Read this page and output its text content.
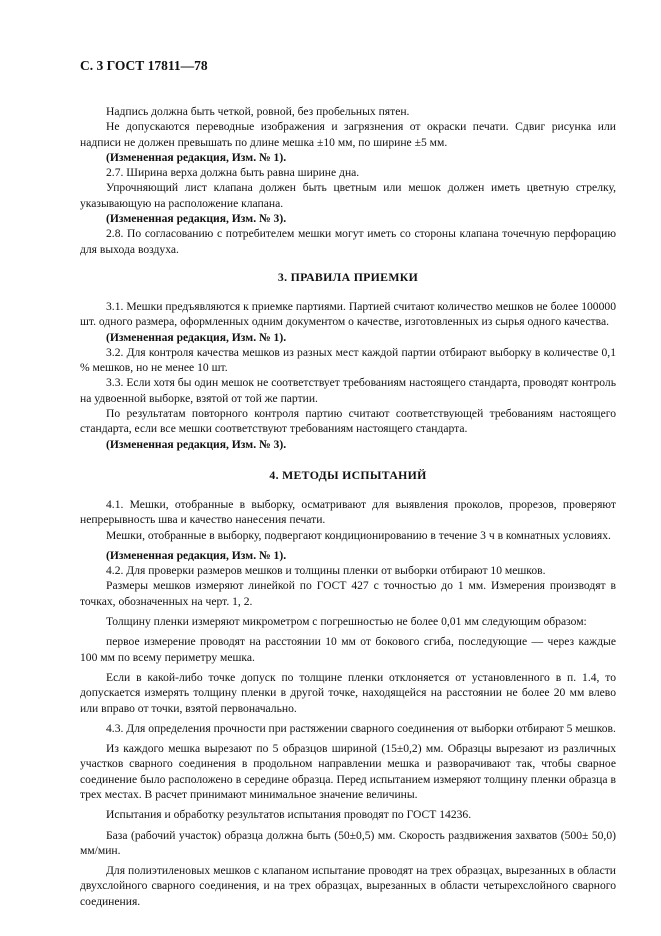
С. 3 ГОСТ 17811—78

Надпись должна быть четкой, ровной, без пробельных пятен.

Не допускаются переводные изображения и загрязнения от окраски печати. Сдвиг рисунка или надписи не должен превышать по длине мешка ±10 мм, по ширине ±5 мм.

(Измененная редакция, Изм. № 1).

2.7. Ширина верха должна быть равна ширине дна.

Упрочняющий лист клапана должен быть цветным или мешок должен иметь цветную стрелку, указывающую на расположение клапана.

(Измененная редакция, Изм. № 3).

2.8. По согласованию с потребителем мешки могут иметь со стороны клапана точечную перфорацию для выхода воздуха.

3. ПРАВИЛА ПРИЕМКИ

3.1. Мешки предъявляются к приемке партиями. Партией считают количество мешков не более 100000 шт. одного размера, оформленных одним документом о качестве, изготовленных из сырья одного качества.

(Измененная редакция, Изм. № 1).

3.2. Для контроля качества мешков из разных мест каждой партии отбирают выборку в количестве 0,1 % мешков, но не менее 10 шт.

3.3. Если хотя бы один мешок не соответствует требованиям настоящего стандарта, проводят контроль на удвоенной выборке, взятой от той же партии.

По результатам повторного контроля партию считают соответствующей требованиям настоящего стандарта, если все мешки соответствуют требованиям настоящего стандарта.

(Измененная редакция, Изм. № 3).

4. МЕТОДЫ ИСПЫТАНИЙ

4.1. Мешки, отобранные в выборку, осматривают для выявления проколов, прорезов, проверяют непрерывность шва и качество нанесения печати.

Мешки, отобранные в выборку, подвергают кондиционированию в течение 3 ч в комнатных условиях.

(Измененная редакция, Изм. № 1).

4.2. Для проверки размеров мешков и толщины пленки от выборки отбирают 10 мешков.

Размеры мешков измеряют линейкой по ГОСТ 427 с точностью до 1 мм. Измерения производят в точках, обозначенных на черт. 1, 2.

Толщину пленки измеряют микрометром с погрешностью не более 0,01 мм следующим образом:

первое измерение проводят на расстоянии 10 мм от бокового сгиба, последующие — через каждые 100 мм по всему периметру мешка.

Если в какой-либо точке допуск по толщине пленки отклоняется от установленного в п. 1.4, то допускается измерять толщину пленки в другой точке, находящейся на расстоянии не более 20 мм влево или вправо от точки, взятой первоначально.

4.3. Для определения прочности при растяжении сварного соединения от выборки отбирают 5 мешков.

Из каждого мешка вырезают по 5 образцов шириной (15±0,2) мм. Образцы вырезают из различных участков сварного соединения в продольном направлении мешка и разворачивают так, чтобы сварное соединение было расположено в середине образца. Перед испытанием измеряют толщину пленки образца в трех местах. В расчет принимают минимальное значение величины.

Испытания и обработку результатов испытания проводят по ГОСТ 14236.

База (рабочий участок) образца должна быть (50±0,5) мм. Скорость раздвижения захватов (500± 50,0) мм/мин.

Для полиэтиленовых мешков с клапаном испытание проводят на трех образцах, вырезанных в области двухслойного сварного соединения, и на трех образцах, вырезанных в области четырехслойного сварного соединения.
